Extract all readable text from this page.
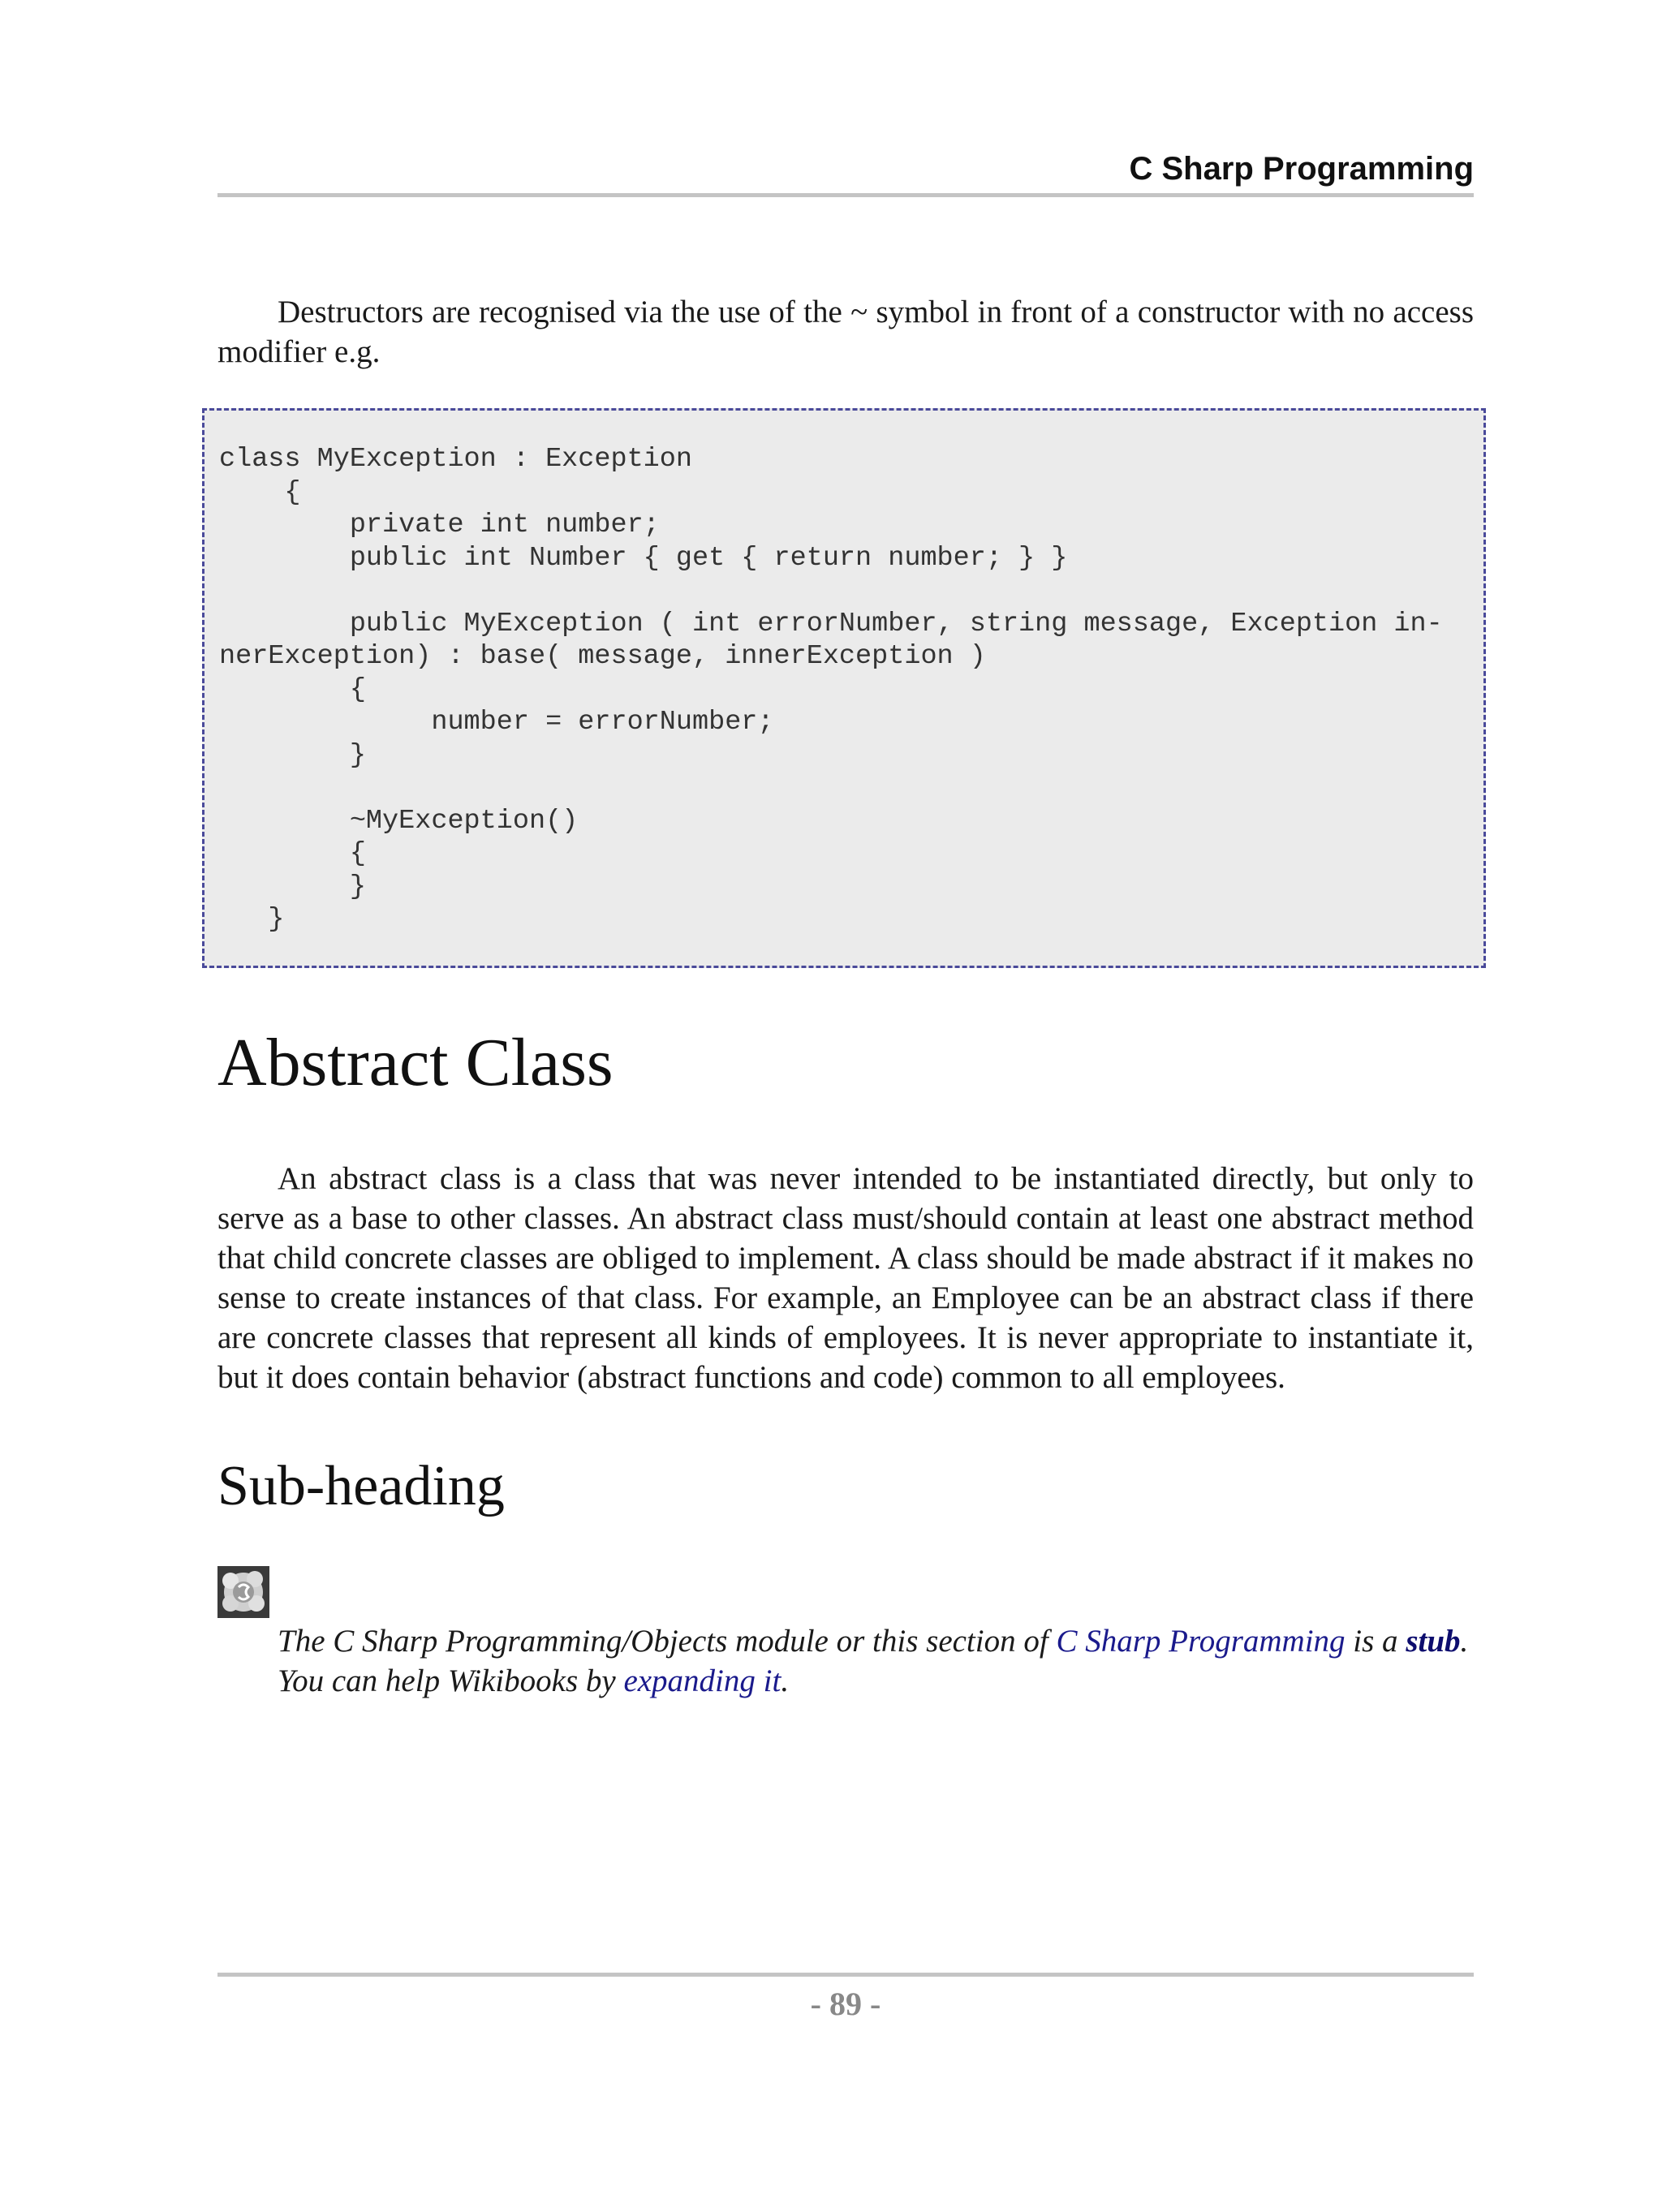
C Sharp Programming

Destructors are recognised via the use of the ~ symbol in front of a constructor with no access modifier e.g.

class MyException : Exception
{
private int number;
public int Number { get { return number; } }

public MyException ( int errorNumber, string message, Exception in-
nerException) : base( message, innerException )
{
number = errorNumber;
}

~MyException()
{
}
}
Abstract Class

An abstract class is a class that was never intended to be instantiated directly, but only to serve as a base to other classes. An abstract class must/should contain at least one abstract method that child concrete classes are obliged to implement. A class should be made abstract if it makes no sense to create instances of that class. For example, an Employee can be an abstract class if there are concrete classes that represent all kinds of employees. It is never appropriate to instantiate it, but it does contain behavior (abstract functions and code) common to all employees.

Sub-heading

The C Sharp Programming/Objects module or this section of C Sharp Programming is a stub.

You can help Wikibooks by expanding it.

- 89 -
